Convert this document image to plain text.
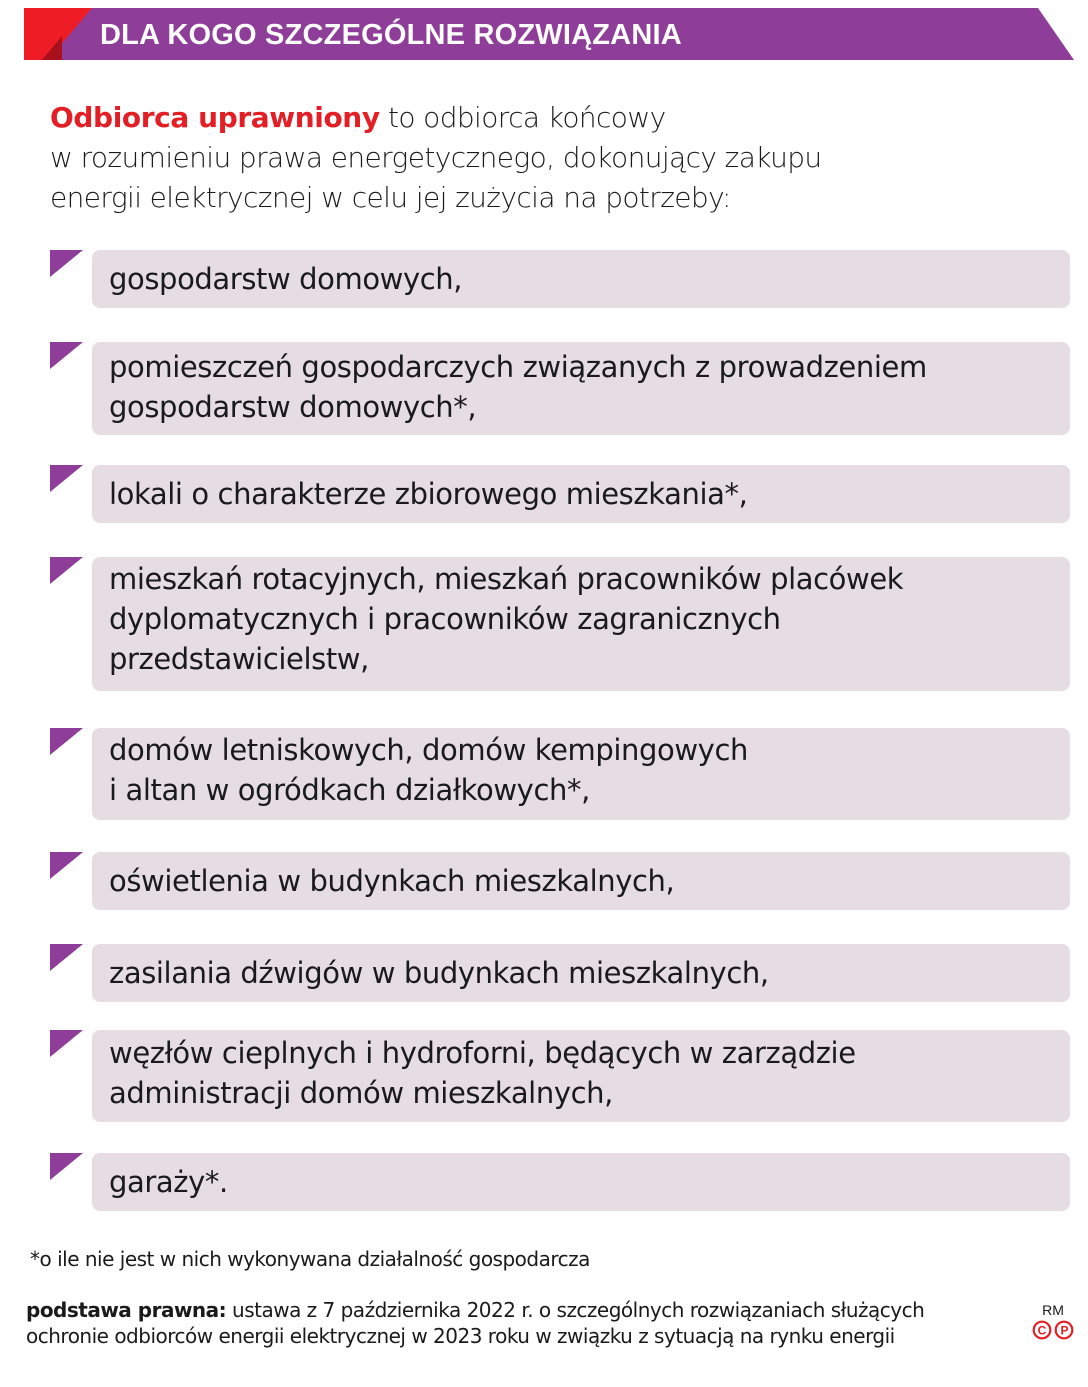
DLA KOGO SZCZEGÓLNE ROZWIĄZANIA
Odbiorca uprawniony to odbiorca końcowy
w rozumieniu prawa energetycznego, dokonujący zakupu
energii elektrycznej w celu jej zużycia na potrzeby:
gospodarstw domowych,
pomieszczeń gospodarczych związanych z prowadzeniem
gospodarstw domowych*,
lokali o charakterze zbiorowego mieszkania*,
mieszkań rotacyjnych, mieszkań pracowników placówek
dyplomatycznych i pracowników zagranicznych
przedstawicielstw,
domów letniskowych, domów kempingowych
i altan w ogródkach działkowych*,
oświetlenia w budynkach mieszkalnych,
zasilania dźwigów w budynkach mieszkalnych,
węzłów cieplnych i hydroforni, będących w zarządzie
administracji domów mieszkalnych,
garaży*.
*o ile nie jest w nich wykonywana działalność gospodarcza
podstawa prawna: ustawa z 7 października 2022 r. o szczególnych rozwiązaniach służących
ochronie odbiorców energii elektrycznej w 2023 roku w związku z sytuacją na rynku energii
RM
C P
